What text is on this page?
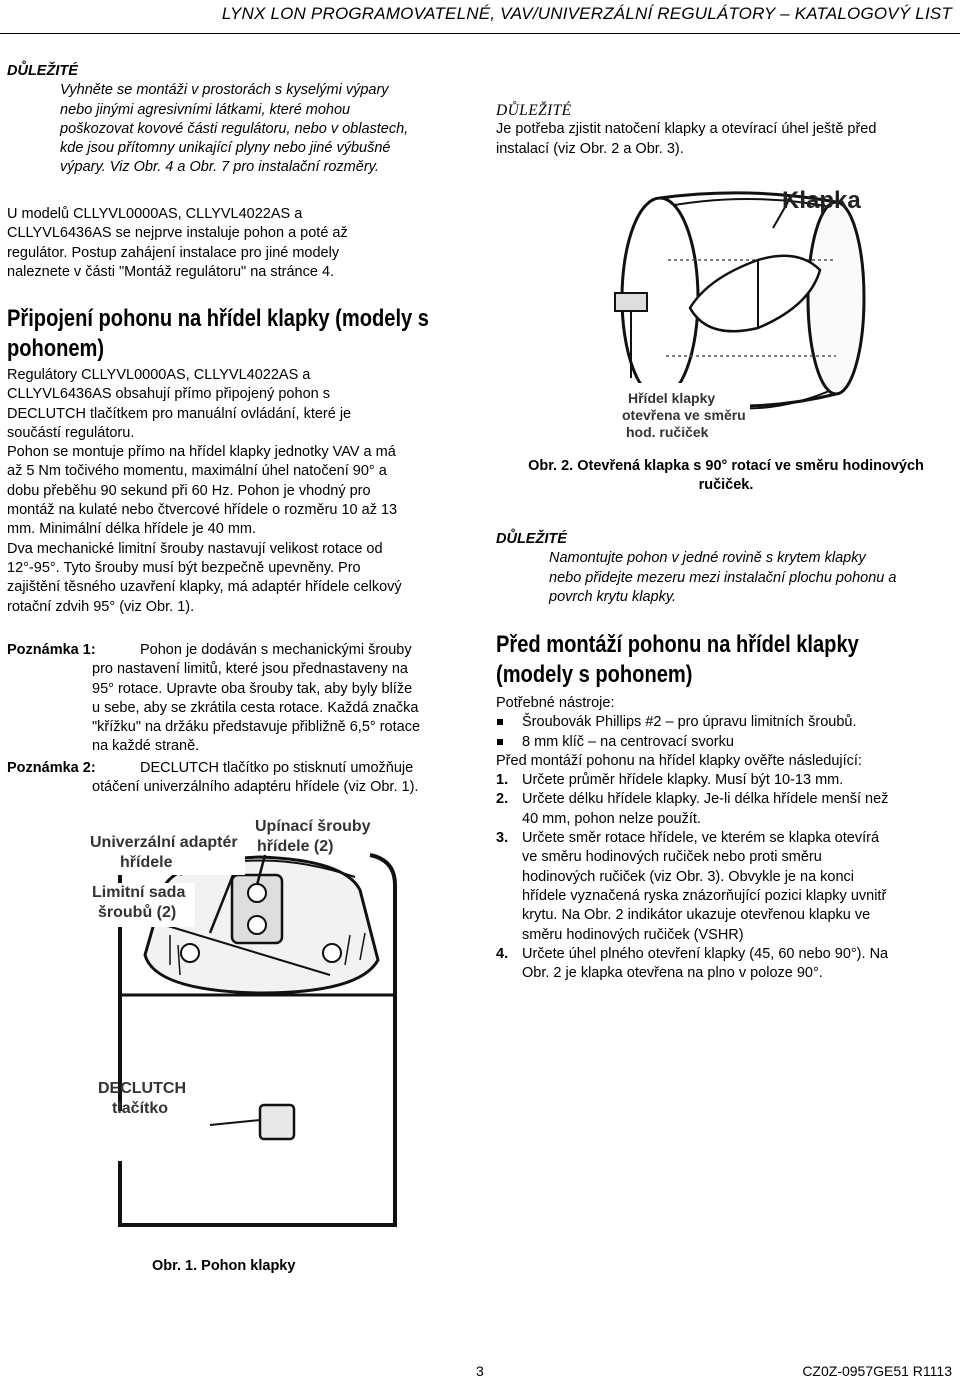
LYNX LON PROGRAMOVATELNÉ, VAV/UNIVERZÁLNÍ REGULÁTORY – KATALOGOVÝ LIST
DŮLEŽITÉ
Vyhněte se montáži v prostorách s kyselými výpary
nebo jinými agresivními látkami, které mohou
poškozovat kovové části regulátoru, nebo v oblastech,
kde jsou přítomny unikající plyny nebo jiné výbušné
výpary. Viz Obr. 4 a Obr. 7 pro instalační rozměry.
U modelů CLLYVL0000AS, CLLYVL4022AS a
CLLYVL6436AS se nejprve instaluje pohon a poté až
regulátor. Postup zahájení instalace pro jiné modely
naleznete v části "Montáž regulátoru" na stránce 4.
Připojení pohonu na hřídel klapky (modely s
pohonem)
Regulátory CLLYVL0000AS, CLLYVL4022AS a
CLLYVL6436AS obsahují přímo připojený pohon s
DECLUTCH tlačítkem pro manuální ovládání, které je
součástí regulátoru.
Pohon se montuje přímo na hřídel klapky jednotky VAV a má
až 5 Nm točivého momentu, maximální úhel natočení 90° a
dobu přeběhu 90 sekund při 60 Hz. Pohon je vhodný pro
montáž na kulaté nebo čtvercové hřídele o rozměru 10 až 13
mm. Minimální délka hřídele je 40 mm.
Dva mechanické limitní šrouby nastavují velikost rotace od
12°-95°. Tyto šrouby musí být bezpečně upevněny. Pro
zajištění těsného uzavření klapky, má adaptér hřídele celkový
rotační zdvih 95° (viz Obr. 1).
Poznámka 1:	Pohon je dodáván s mechanickými šrouby
pro nastavení limitů, které jsou přednastaveny na
95° rotace. Upravte oba šrouby tak, aby byly blíže
u sebe, aby se zkrátila cesta rotace. Každá značka
"křížku" na držáku představuje přibližně 6,5° rotace
na každé straně.
Poznámka 2:	DECLUTCH tlačítko po stisknutí umožňuje
otáčení univerzálního adaptéru hřídele (viz Obr. 1).
Univerzální adaptér
hřídele
Upínací šrouby
hřídele (2)
Limitní sada
šroubů (2)
DECLUTCH
tlačítko
Obr. 1. Pohon klapky
DŮLEŽITÉ
Je potřeba zjistit natočení klapky a otevírací úhel ještě před
instalací (viz Obr. 2 a Obr. 3).
Klapka
Hřídel klapky
otevřena ve směru
hod. ručiček
Obr. 2. Otevřená klapka s 90° rotací ve směru hodinových
ručiček.
DŮLEŽITÉ
Namontujte pohon v jedné rovině s krytem klapky
nebo přidejte mezeru mezi instalační plochu pohonu a
povrch krytu klapky.
Před montáží pohonu na hřídel klapky
(modely s pohonem)
Potřebné nástroje:
Šroubovák Phillips #2 – pro úpravu limitních šroubů.
8 mm klíč – na centrovací svorku
Před montáží pohonu na hřídel klapky ověřte následující:
1. Určete průměr hřídele klapky. Musí být 10-13 mm.
2. Určete délku hřídele klapky. Je-li délka hřídele menší než
40 mm, pohon nelze použít.
3. Určete směr rotace hřídele, ve kterém se klapka otevírá
ve směru hodinových ručiček nebo proti směru
hodinových ručiček (viz Obr. 3). Obvykle je na konci
hřídele vyznačená ryska znázorňující pozici klapky uvnitř
krytu. Na Obr. 2 indikátor ukazuje otevřenou klapku ve
směru hodinových ručiček (VSHR)
4. Určete úhel plného otevření klapky (45, 60 nebo 90°). Na
Obr. 2 je klapka otevřena na plno v poloze 90°.
3	CZ0Z-0957GE51 R1113
